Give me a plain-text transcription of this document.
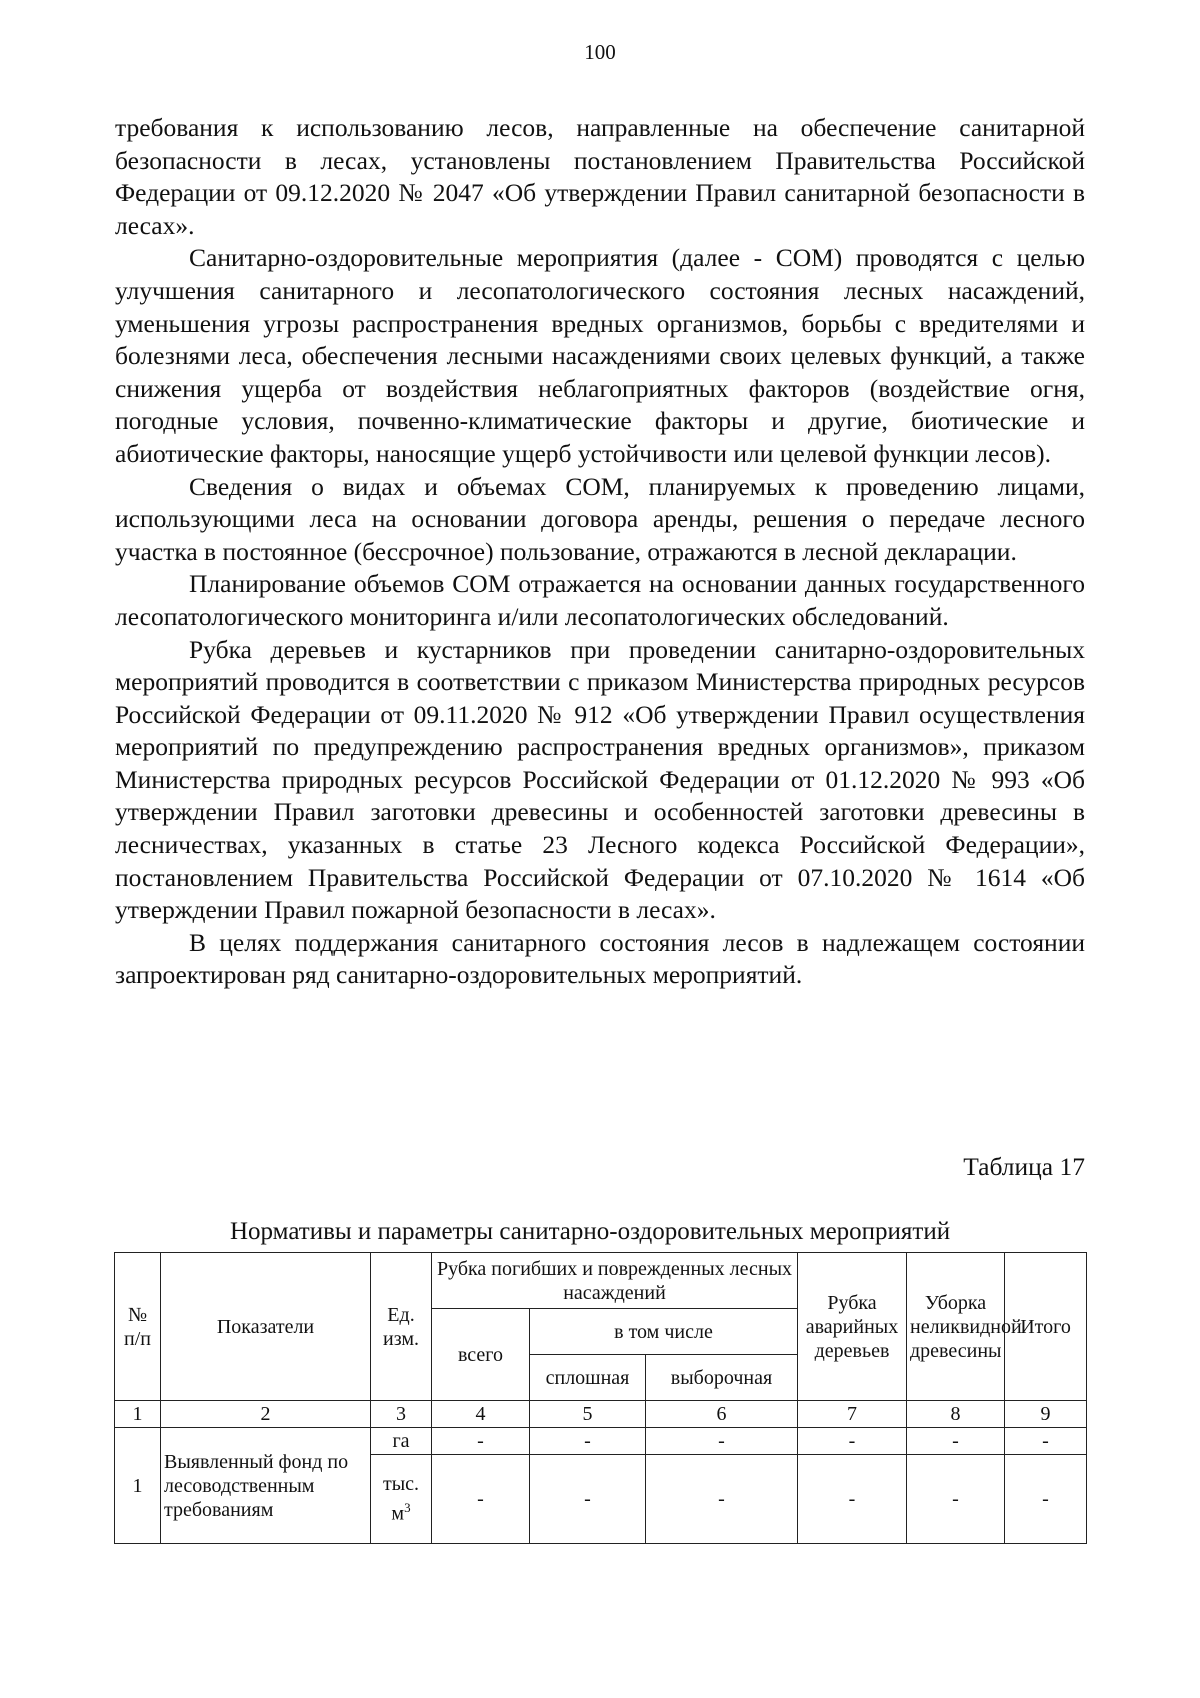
100

требования к использованию лесов, направленные на обеспечение санитарной безопасности в лесах, установлены постановлением Правительства Российской Федерации от 09.12.2020 № 2047 «Об утверждении Правил санитарной безопасности в лесах».

Санитарно-оздоровительные мероприятия (далее - СОМ) проводятся с целью улучшения санитарного и лесопатологического состояния лесных насаждений, уменьшения угрозы распространения вредных организмов, борьбы с вредителями и болезнями леса, обеспечения лесными насаждениями своих целевых функций, а также снижения ущерба от воздействия неблагоприятных факторов (воздействие огня, погодные условия, почвенно-климатические факторы и другие, биотические и абиотические факторы, наносящие ущерб устойчивости или целевой функции лесов).

Сведения о видах и объемах СОМ, планируемых к проведению лицами, использующими леса на основании договора аренды, решения о передаче лесного участка в постоянное (бессрочное) пользование, отражаются в лесной декларации.

Планирование объемов СОМ отражается на основании данных государственного лесопатологического мониторинга и/или лесопатологических обследований.

Рубка деревьев и кустарников при проведении санитарно-оздоровительных мероприятий проводится в соответствии с приказом Министерства природных ресурсов Российской Федерации от 09.11.2020 № 912 «Об утверждении Правил осуществления мероприятий по предупреждению распространения вредных организмов», приказом Министерства природных ресурсов Российской Федерации от 01.12.2020 № 993 «Об утверждении Правил заготовки древесины и особенностей заготовки древесины в лесничествах, указанных в статье 23 Лесного кодекса Российской Федерации», постановлением Правительства Российской Федерации от 07.10.2020 № 1614 «Об утверждении Правил пожарной безопасности в лесах».

В целях поддержания санитарного состояния лесов в надлежащем состоянии запроектирован ряд санитарно-оздоровительных мероприятий.

Таблица 17
Нормативы и параметры санитарно-оздоровительных мероприятий
№ п/п	Показатели	Ед. изм.	Рубка погибших и поврежденных лесных насаждений			Рубка аварийных деревьев	Уборка неликвидной древесины	Итого
			всего	в том числе				
				сплошная	выборочная			
1	2	3	4	5	6	7	8	9
1	Выявленный фонд по лесоводственным требованиям	га	-	-	-	-	-	-
		тыс. $м^3$	-	-	-	-	-	-
